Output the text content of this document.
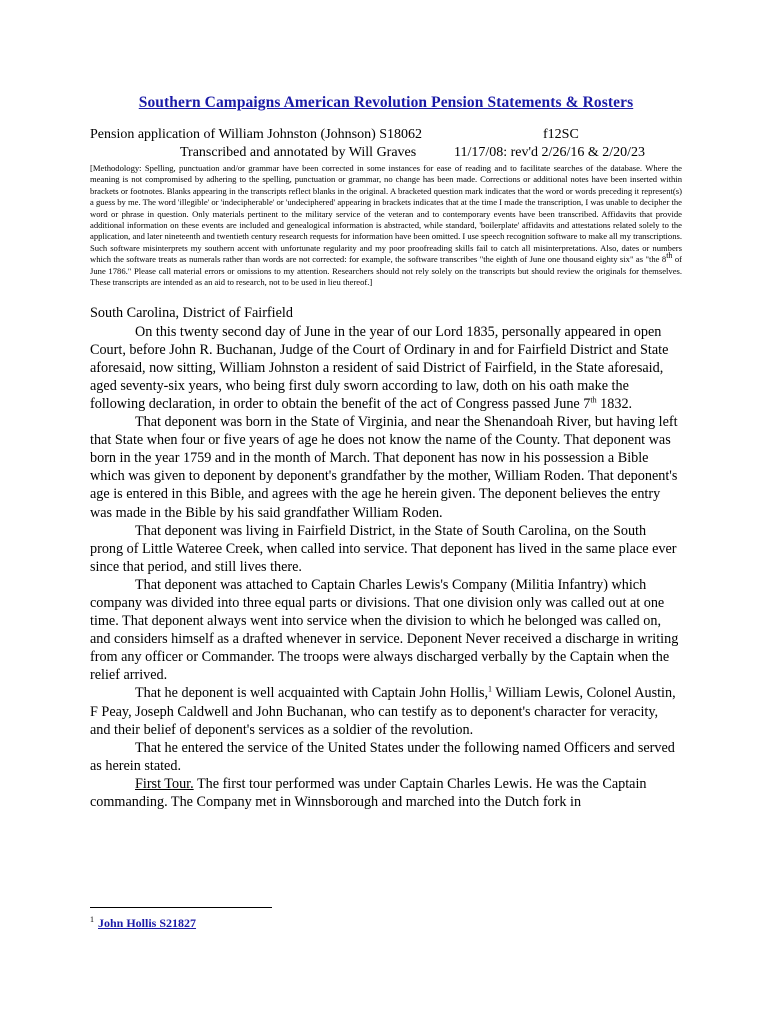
Southern Campaigns American Revolution Pension Statements & Rosters
Pension application of William Johnston (Johnson) S18062	f12SC
Transcribed and annotated by Will Graves	11/17/08: rev'd 2/26/16 & 2/20/23
[Methodology: Spelling, punctuation and/or grammar have been corrected in some instances for ease of reading and to facilitate searches of the database. Where the meaning is not compromised by adhering to the spelling, punctuation or grammar, no change has been made. Corrections or additional notes have been inserted within brackets or footnotes. Blanks appearing in the transcripts reflect blanks in the original. A bracketed question mark indicates that the word or words preceding it represent(s) a guess by me. The word 'illegible' or 'indecipherable' or 'undeciphered' appearing in brackets indicates that at the time I made the transcription, I was unable to decipher the word or phrase in question. Only materials pertinent to the military service of the veteran and to contemporary events have been transcribed. Affidavits that provide additional information on these events are included and genealogical information is abstracted, while standard, 'boilerplate' affidavits and attestations related solely to the application, and later nineteenth and twentieth century research requests for information have been omitted. I use speech recognition software to make all my transcriptions. Such software misinterprets my southern accent with unfortunate regularity and my poor proofreading skills fail to catch all misinterpretations. Also, dates or numbers which the software treats as numerals rather than words are not corrected: for example, the software transcribes "the eighth of June one thousand eighty six" as "the 8th of June 1786." Please call material errors or omissions to my attention. Researchers should not rely solely on the transcripts but should review the originals for themselves. These transcripts are intended as an aid to research, not to be used in lieu thereof.]

South Carolina, District of Fairfield

On this twenty second day of June in the year of our Lord 1835, personally appeared in open Court, before John R. Buchanan, Judge of the Court of Ordinary in and for Fairfield District and State aforesaid, now sitting, William Johnston a resident of said District of Fairfield, in the State aforesaid, aged seventy-six years, who being first duly sworn according to law, doth on his oath make the following declaration, in order to obtain the benefit of the act of Congress passed June 7th 1832.

That deponent was born in the State of Virginia, and near the Shenandoah River, but having left that State when four or five years of age he does not know the name of the County. That deponent was born in the year 1759 and in the month of March. That deponent has now in his possession a Bible which was given to deponent by deponent's grandfather by the mother, William Roden. That deponent's age is entered in this Bible, and agrees with the age he herein given. The deponent believes the entry was made in the Bible by his said grandfather William Roden.

That deponent was living in Fairfield District, in the State of South Carolina, on the South prong of Little Wateree Creek, when called into service. That deponent has lived in the same place ever since that period, and still lives there.

That deponent was attached to Captain Charles Lewis's Company (Militia Infantry) which company was divided into three equal parts or divisions. That one division only was called out at one time. That deponent always went into service when the division to which he belonged was called on, and considers himself as a drafted whenever in service. Deponent Never received a discharge in writing from any officer or Commander. The troops were always discharged verbally by the Captain when the relief arrived.

That he deponent is well acquainted with Captain John Hollis,$^1$ William Lewis, Colonel Austin, F Peay, Joseph Caldwell and John Buchanan, who can testify as to deponent's character for veracity, and their belief of deponent's services as a soldier of the revolution.

That he entered the service of the United States under the following named Officers and served as herein stated.

First Tour. The first tour performed was under Captain Charles Lewis. He was the Captain commanding. The Company met in Winnsborough and marched into the Dutch fork in

$^1$ John Hollis S21827
